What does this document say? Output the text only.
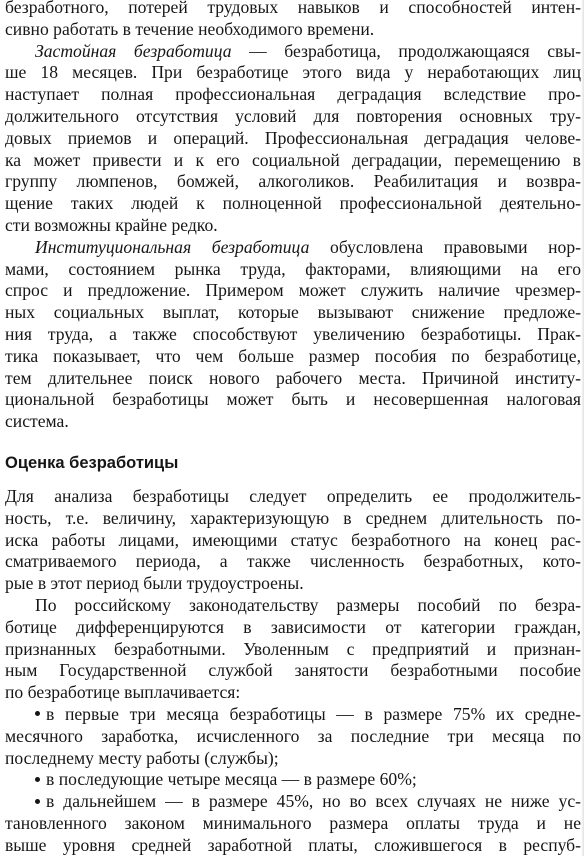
безработного, потерей трудовых навыков и способностей интен-
сивно работать в течение необходимого времени.
Застойная безработица — безработица, продолжающаяся свы-
ше 18 месяцев. При безработице этого вида у неработающих лиц
наступает полная профессиональная деградация вследствие про-
должительного отсутствия условий для повторения основных тру-
довых приемов и операций. Профессиональная деградация челове-
ка может привести и к его социальной деградации, перемещению в
группу люмпенов, бомжей, алкоголиков. Реабилитация и возвра-
щение таких людей к полноценной профессиональной деятельно-
сти возможны крайне редко.
Институциональная безработица обусловлена правовыми нор-
мами, состоянием рынка труда, факторами, влияющими на его
спрос и предложение. Примером может служить наличие чрезмер-
ных социальных выплат, которые вызывают снижение предложе-
ния труда, а также способствуют увеличению безработицы. Прак-
тика показывает, что чем больше размер пособия по безработице,
тем длительнее поиск нового рабочего места. Причиной институ-
циональной безработицы может быть и несовершенная налоговая
система.
Оценка безработицы
Для анализа безработицы следует определить ее продолжитель-
ность, т.е. величину, характеризующую в среднем длительность по-
иска работы лицами, имеющими статус безработного на конец рас-
сматриваемого периода, а также численность безработных, кото-
рые в этот период были трудоустроены.
По российскому законодательству размеры пособий по безра-
ботице дифференцируются в зависимости от категории граждан,
признанных безработными. Уволенным с предприятий и признан-
ным Государственной службой занятости безработными пособие
по безработице выплачивается:
в первые три месяца безработицы — в размере 75% их средне-
месячного заработка, исчисленного за последние три месяца по
последнему месту работы (службы);
в последующие четыре месяца — в размере 60%;
в дальнейшем — в размере 45%, но во всех случаях не ниже ус-
тановленного законом минимального размера оплаты труда и не
выше уровня средней заработной платы, сложившегося в респуб-
